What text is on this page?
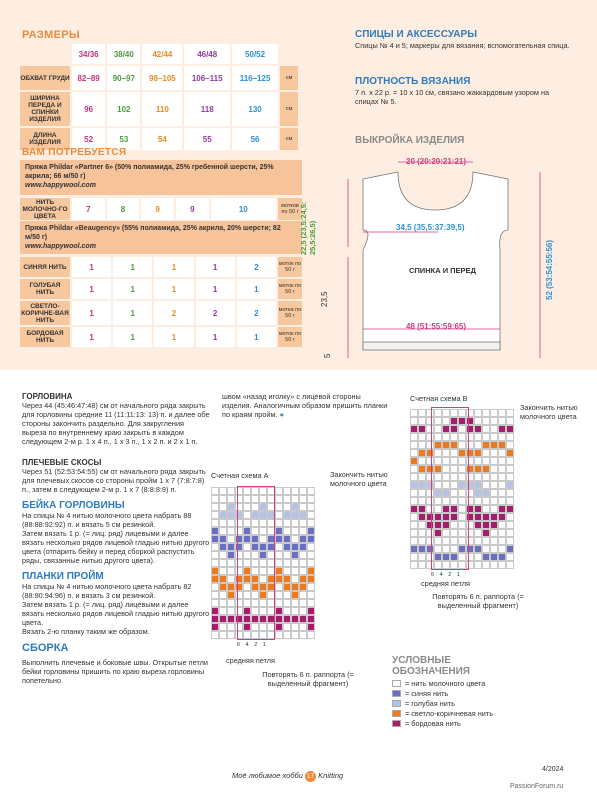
РАЗМЕРЫ
	34/36	38/40	42/44	46/48	50/52	
ОБХВАТ ГРУДИ	82–89	90–97	98–105	106–115	116–125	см
ШИРИНА ПЕРЕДА И СПИНКИ ИЗДЕЛИЯ	96	102	110	118	130	см
ДЛИНА ИЗДЕЛИЯ	52	53	54	55	56	см
ВАМ ПОТРЕБУЕТСЯ
Пряжа Phildar «Partner 6» (50% полиамида, 25% гребенной шерсти, 25% акрила; 66 м/50 г)
www.happywool.com
НИТЬ МОЛОЧНО-ГО ЦВЕТА	7	8	9	9	10	мотков по 50 г
Пряжа Phildar «Beaugency» (55% полиамида, 25% акрила, 20% шерсти; 82 м/50 г)
www.happywool.com
СИНЯЯ НИТЬ	1	1	1	1	2	моток по 50 г
ГОЛУБАЯ НИТЬ	1	1	1	1	1	моток по 50 г
СВЕТЛО-КОРИЧНЕ-ВАЯ НИТЬ	1	1	2	2	2	мотка по 50 г
БОРДОВАЯ НИТЬ	1	1	1	1	1	моток по 50 г
СПИЦЫ И АКСЕССУАРЫ
Спицы № 4 и 5; маркеры для вязания; вспомогательная спица.
ПЛОТНОСТЬ ВЯЗАНИЯ
7 п. x 22 р. = 10 x 10 см, связано жаккардовым узором на спицах № 5.
ВЫКРОЙКА ИЗДЕЛИЯ
20 (20:20:21:21)
34,5 (35,5:37:39,5)
22,5 (23,5:24,5: 25,5:26,5)
23,5
48 (51:55:59:65)
5
52 (53:54:55:56)
СПИНКА И ПЕРЕД
ГОРЛОВИНА
Через 44 (45:46:47:48) см от начального ряда закрыть для горловины средние 11 (11:11:13: 13) п. и далее обе стороны закончить раздельно. Для закругления выреза по внутреннему краю закрыть в каждом следующем 2-м р. 1 x 4 п., 1 x 3 п., 1 x 2 п. и 2 x 1 п.
ПЛЕЧЕВЫЕ СКОСЫ
Через 51 (52:53:54:55) см от начального ряда закрыть для плечевых скосов со стороны пройм 1 x 7 (7:8:7:8) п., затем в следующем 2-м р. 1 x 7 (8:8:8:9) п.
БЕЙКА ГОРЛОВИНЫ
На спицы № 4 нитью молочного цвета набрать 88 (88:88:92:92) п. и вязать 5 см резинкой.
Затем вязать 1 р. (= лиц. ряд) лицевыми и далее вязать несколько рядов лицевой гладью нитью другого цвета (отпарить бейку и перед сборкой распустить ряды, связанные нитью другого цвета).
ПЛАНКИ ПРОЙМ
На спицы № 4 нитью молочного цвета набрать 82 (88:90:94:96) п. и вязать 3 см резинкой.
Затем вязать 1 р. (= лиц. ряд) лицевыми и далее вязать несколько рядов лицевой гладью нитью другого цвета.
Вязать 2-ю планку таким же образом.
СБОРКА
Выполнить плечевые и боковые швы. Открытые петли бейки горловины пришить по краю выреза горловины попетельно
швом «назад иголку» с лицевой стороны изделия. Аналогичным образом пришить планки по краям пройм. ●
Счетная схема A	Закончить нитью молочного цвета
6 4 2 1
средняя петля
Повторять 6 п. раппорта (= выделенный фрагмент)
Счетная схема B
Закончить нитью молочного цвета
6 4 2 1
средняя петля
Повторять 6 п. раппорта (= выделенный фрагмент)
УСЛОВНЫЕ ОБОЗНАЧЕНИЯ
= нить молочного цвета
= синяя нить
= голубая нить
= светло-коричневая нить
= бордовая нить
Моё любимое хобби 17 Knitting
4/2024
PassionForum.ru
